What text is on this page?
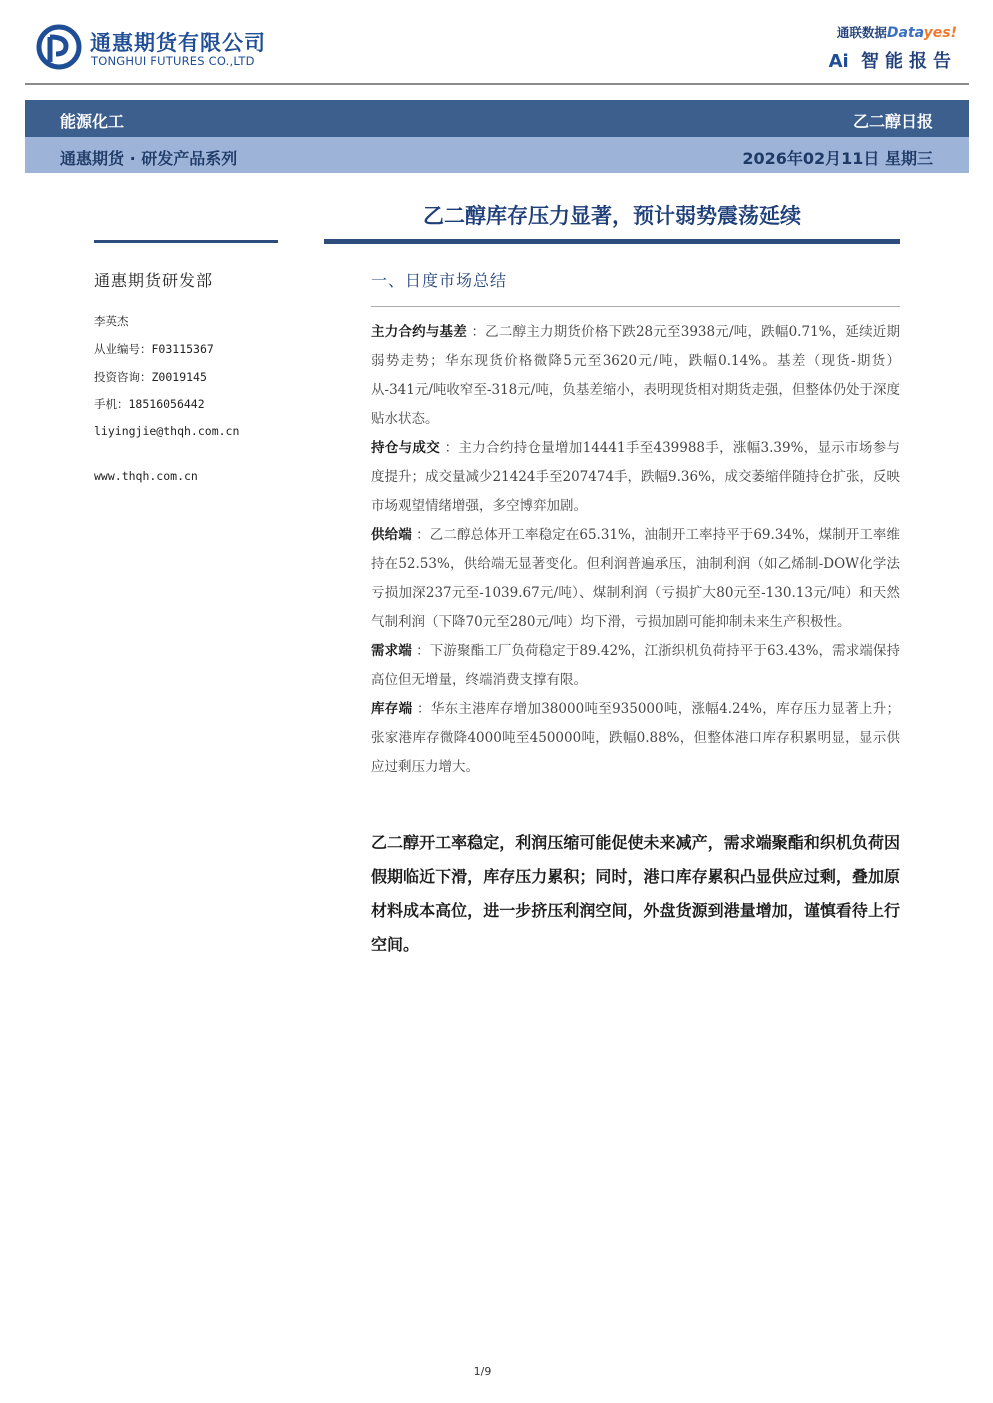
通惠期货有限公司
TONGHUI FUTURES CO.,LTD
通联数据Datayes!
Ai 智能报告
能源化工	乙二醇日报
通惠期货 · 研发产品系列	2026年02月11日 星期三
乙二醇库存压力显著，预计弱势震荡延续
通惠期货研发部
李英杰
从业编号：F03115367
投资咨询：Z0019145
手机：18516056442
liyingjie@thqh.com.cn
www.thqh.com.cn
一、日度市场总结

主力合约与基差 ：乙二醇主力期货价格下跌28元至3938元/吨，跌幅0.71%，延续近期弱势走势；华东现货价格微降5元至3620元/吨，跌幅0.14%。基差（现货-期货）从-341元/吨收窄至-318元/吨，负基差缩小，表明现货相对期货走强，但整体仍处于深度贴水状态。

持仓与成交 ：主力合约持仓量增加14441手至439988手，涨幅3.39%，显示市场参与度提升；成交量减少21424手至207474手，跌幅9.36%，成交萎缩伴随持仓扩张，反映市场观望情绪增强，多空博弈加剧。

供给端 ：乙二醇总体开工率稳定在65.31%，油制开工率持平于69.34%，煤制开工率维持在52.53%，供给端无显著变化。但利润普遍承压，油制利润（如乙烯制-DOW化学法亏损加深237元至-1039.67元/吨）、煤制利润（亏损扩大80元至-130.13元/吨）和天然气制利润（下降70元至280元/吨）均下滑，亏损加剧可能抑制未来生产积极性。

需求端 ：下游聚酯工厂负荷稳定于89.42%，江浙织机负荷持平于63.43%，需求端保持高位但无增量，终端消费支撑有限。

库存端 ：华东主港库存增加38000吨至935000吨，涨幅4.24%，库存压力显著上升；张家港库存微降4000吨至450000吨，跌幅0.88%，但整体港口库存积累明显，显示供应过剩压力增大。

乙二醇开工率稳定，利润压缩可能促使未来减产，需求端聚酯和织机负荷因假期临近下滑，库存压力累积；同时，港口库存累积凸显供应过剩，叠加原材料成本高位，进一步挤压利润空间，外盘货源到港量增加，谨慎看待上行空间。
1/9
